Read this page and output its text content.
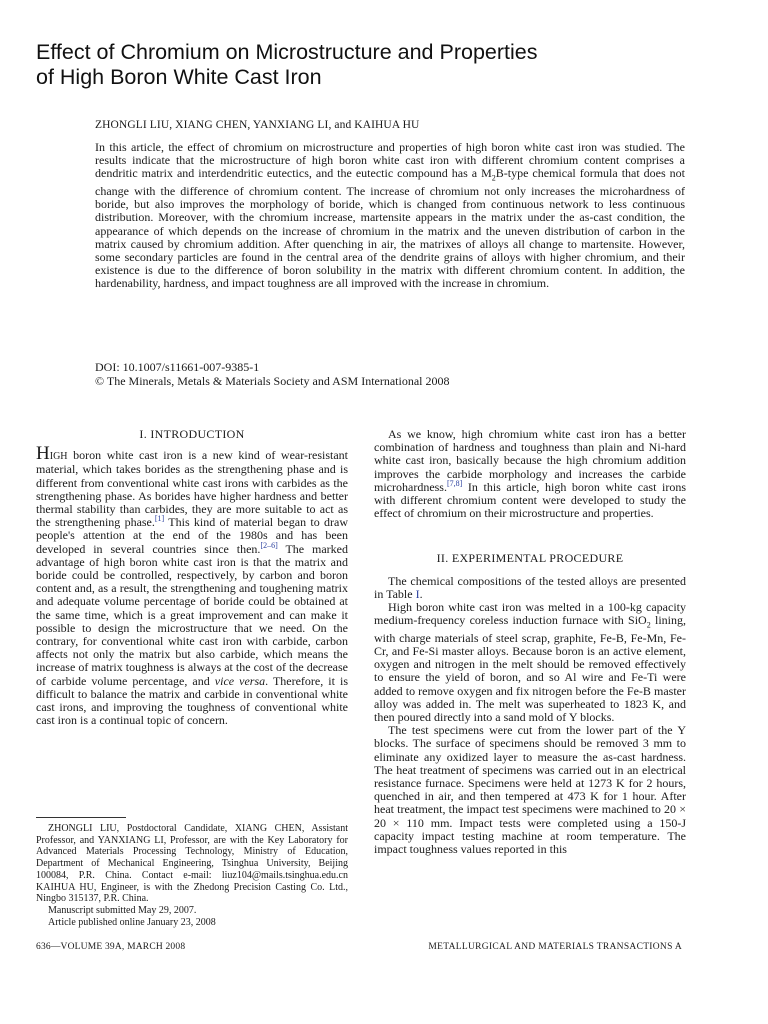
Effect of Chromium on Microstructure and Properties
of High Boron White Cast Iron
ZHONGLI LIU, XIANG CHEN, YANXIANG LI, and KAIHUA HU

In this article, the effect of chromium on microstructure and properties of high boron white cast iron was studied. The results indicate that the microstructure of high boron white cast iron with different chromium content comprises a dendritic matrix and interdendritic eutectics, and the eutectic compound has a $M_2B$-type chemical formula that does not change with the difference of chromium content. The increase of chromium not only increases the microhardness of boride, but also improves the morphology of boride, which is changed from continuous network to less continuous distribution. Moreover, with the chromium increase, martensite appears in the matrix under the as-cast condition, the appearance of which depends on the increase of chromium in the matrix and the uneven distribution of carbon in the matrix caused by chromium addition. After quenching in air, the matrixes of alloys all change to martensite. However, some secondary particles are found in the central area of the dendrite grains of alloys with higher chromium, and their existence is due to the difference of boron solubility in the matrix with different chromium content. In addition, the hardenability, hardness, and impact toughness are all improved with the increase in chromium.

DOI: 10.1007/s11661-007-9385-1
© The Minerals, Metals & Materials Society and ASM International 2008
I. INTRODUCTION

HIGH boron white cast iron is a new kind of wear-resistant material, which takes borides as the strengthening phase and is different from conventional white cast irons with carbides as the strengthening phase. As borides have higher hardness and better thermal stability than carbides, they are more suitable to act as the strengthening phase.[1] This kind of material began to draw people's attention at the end of the 1980s and has been developed in several countries since then.[2–6] The marked advantage of high boron white cast iron is that the matrix and boride could be controlled, respectively, by carbon and boron content and, as a result, the strengthening and toughening matrix and adequate volume percentage of boride could be obtained at the same time, which is a great improvement and can make it possible to design the microstructure that we need. On the contrary, for conventional white cast iron with carbide, carbon affects not only the matrix but also carbide, which means the increase of matrix toughness is always at the cost of the decrease of carbide volume percentage, and vice versa. Therefore, it is difficult to balance the matrix and carbide in conventional white cast irons, and improving the toughness of conventional white cast iron is a continual topic of concern.

ZHONGLI LIU, Postdoctoral Candidate, XIANG CHEN, Assistant Professor, and YANXIANG LI, Professor, are with the Key Laboratory for Advanced Materials Processing Technology, Ministry of Education, Department of Mechanical Engineering, Tsinghua University, Beijing 100084, P.R. China. Contact e-mail: liuz104@mails.tsinghua.edu.cn KAIHUA HU, Engineer, is with the Zhedong Precision Casting Co. Ltd., Ningbo 315137, P.R. China.

Manuscript submitted May 29, 2007.

Article published online January 23, 2008

As we know, high chromium white cast iron has a better combination of hardness and toughness than plain and Ni-hard white cast iron, basically because the high chromium addition improves the carbide morphology and increases the carbide microhardness.[7,8] In this article, high boron white cast irons with different chromium content were developed to study the effect of chromium on their microstructure and properties.

II. EXPERIMENTAL PROCEDURE

The chemical compositions of the tested alloys are presented in Table I.

High boron white cast iron was melted in a 100-kg capacity medium-frequency coreless induction furnace with SiO$_2$ lining, with charge materials of steel scrap, graphite, Fe-B, Fe-Mn, Fe-Cr, and Fe-Si master alloys. Because boron is an active element, oxygen and nitrogen in the melt should be removed effectively to ensure the yield of boron, and so Al wire and Fe-Ti were added to remove oxygen and fix nitrogen before the Fe-B master alloy was added in. The melt was superheated to 1823 K, and then poured directly into a sand mold of Y blocks.

The test specimens were cut from the lower part of the Y blocks. The surface of specimens should be removed 3 mm to eliminate any oxidized layer to measure the as-cast hardness. The heat treatment of specimens was carried out in an electrical resistance furnace. Specimens were held at 1273 K for 2 hours, quenched in air, and then tempered at 473 K for 1 hour. After heat treatment, the impact test specimens were machined to 20 × 20 × 110 mm. Impact tests were completed using a 150-J capacity impact testing machine at room temperature. The impact toughness values reported in this

636—VOLUME 39A, MARCH 2008	METALLURGICAL AND MATERIALS TRANSACTIONS A
